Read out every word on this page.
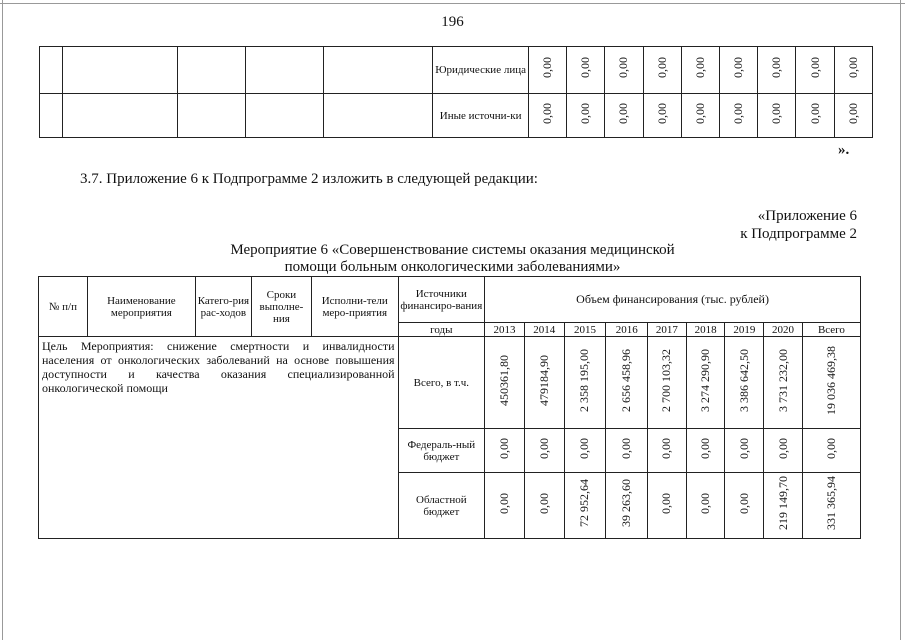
196
					Юридические лица	0,00	0,00	0,00	0,00	0,00	0,00	0,00	0,00	0,00
					Иные источни-ки	0,00	0,00	0,00	0,00	0,00	0,00	0,00	0,00	0,00
».
3.7. Приложение 6 к Подпрограмме 2 изложить в следующей редакции:
«Приложение 6
к Подпрограмме 2
Мероприятие 6 «Совершенствование системы оказания медицинской
помощи больным онкологическими заболеваниями»
№ п/п	Наименование мероприятия	Катего-рия рас-ходов	Сроки выполне-ния	Исполни-тели меро-приятия	Источники финансиро-вания	Объем финансирования (тыс. рублей)								
					годы	2013	2014	2015	2016	2017	2018	2019	2020	Всего
Цель Мероприятия: снижение смертности и инвалидности населения от онкологических заболеваний на основе повышения доступности и качества оказания специализированной онкологической помощи					Всего, в т.ч.	450361,80	479184,90	2 358 195,00	2 656 458,96	2 700 103,32	3 274 290,90	3 386 642,50	3 731 232,00	19 036 469,38
					Федераль-ный бюджет	0,00	0,00	0,00	0,00	0,00	0,00	0,00	0,00	0,00
					Областной бюджет	0,00	0,00	72 952,64	39 263,60	0,00	0,00	0,00	219 149,70	331 365,94
